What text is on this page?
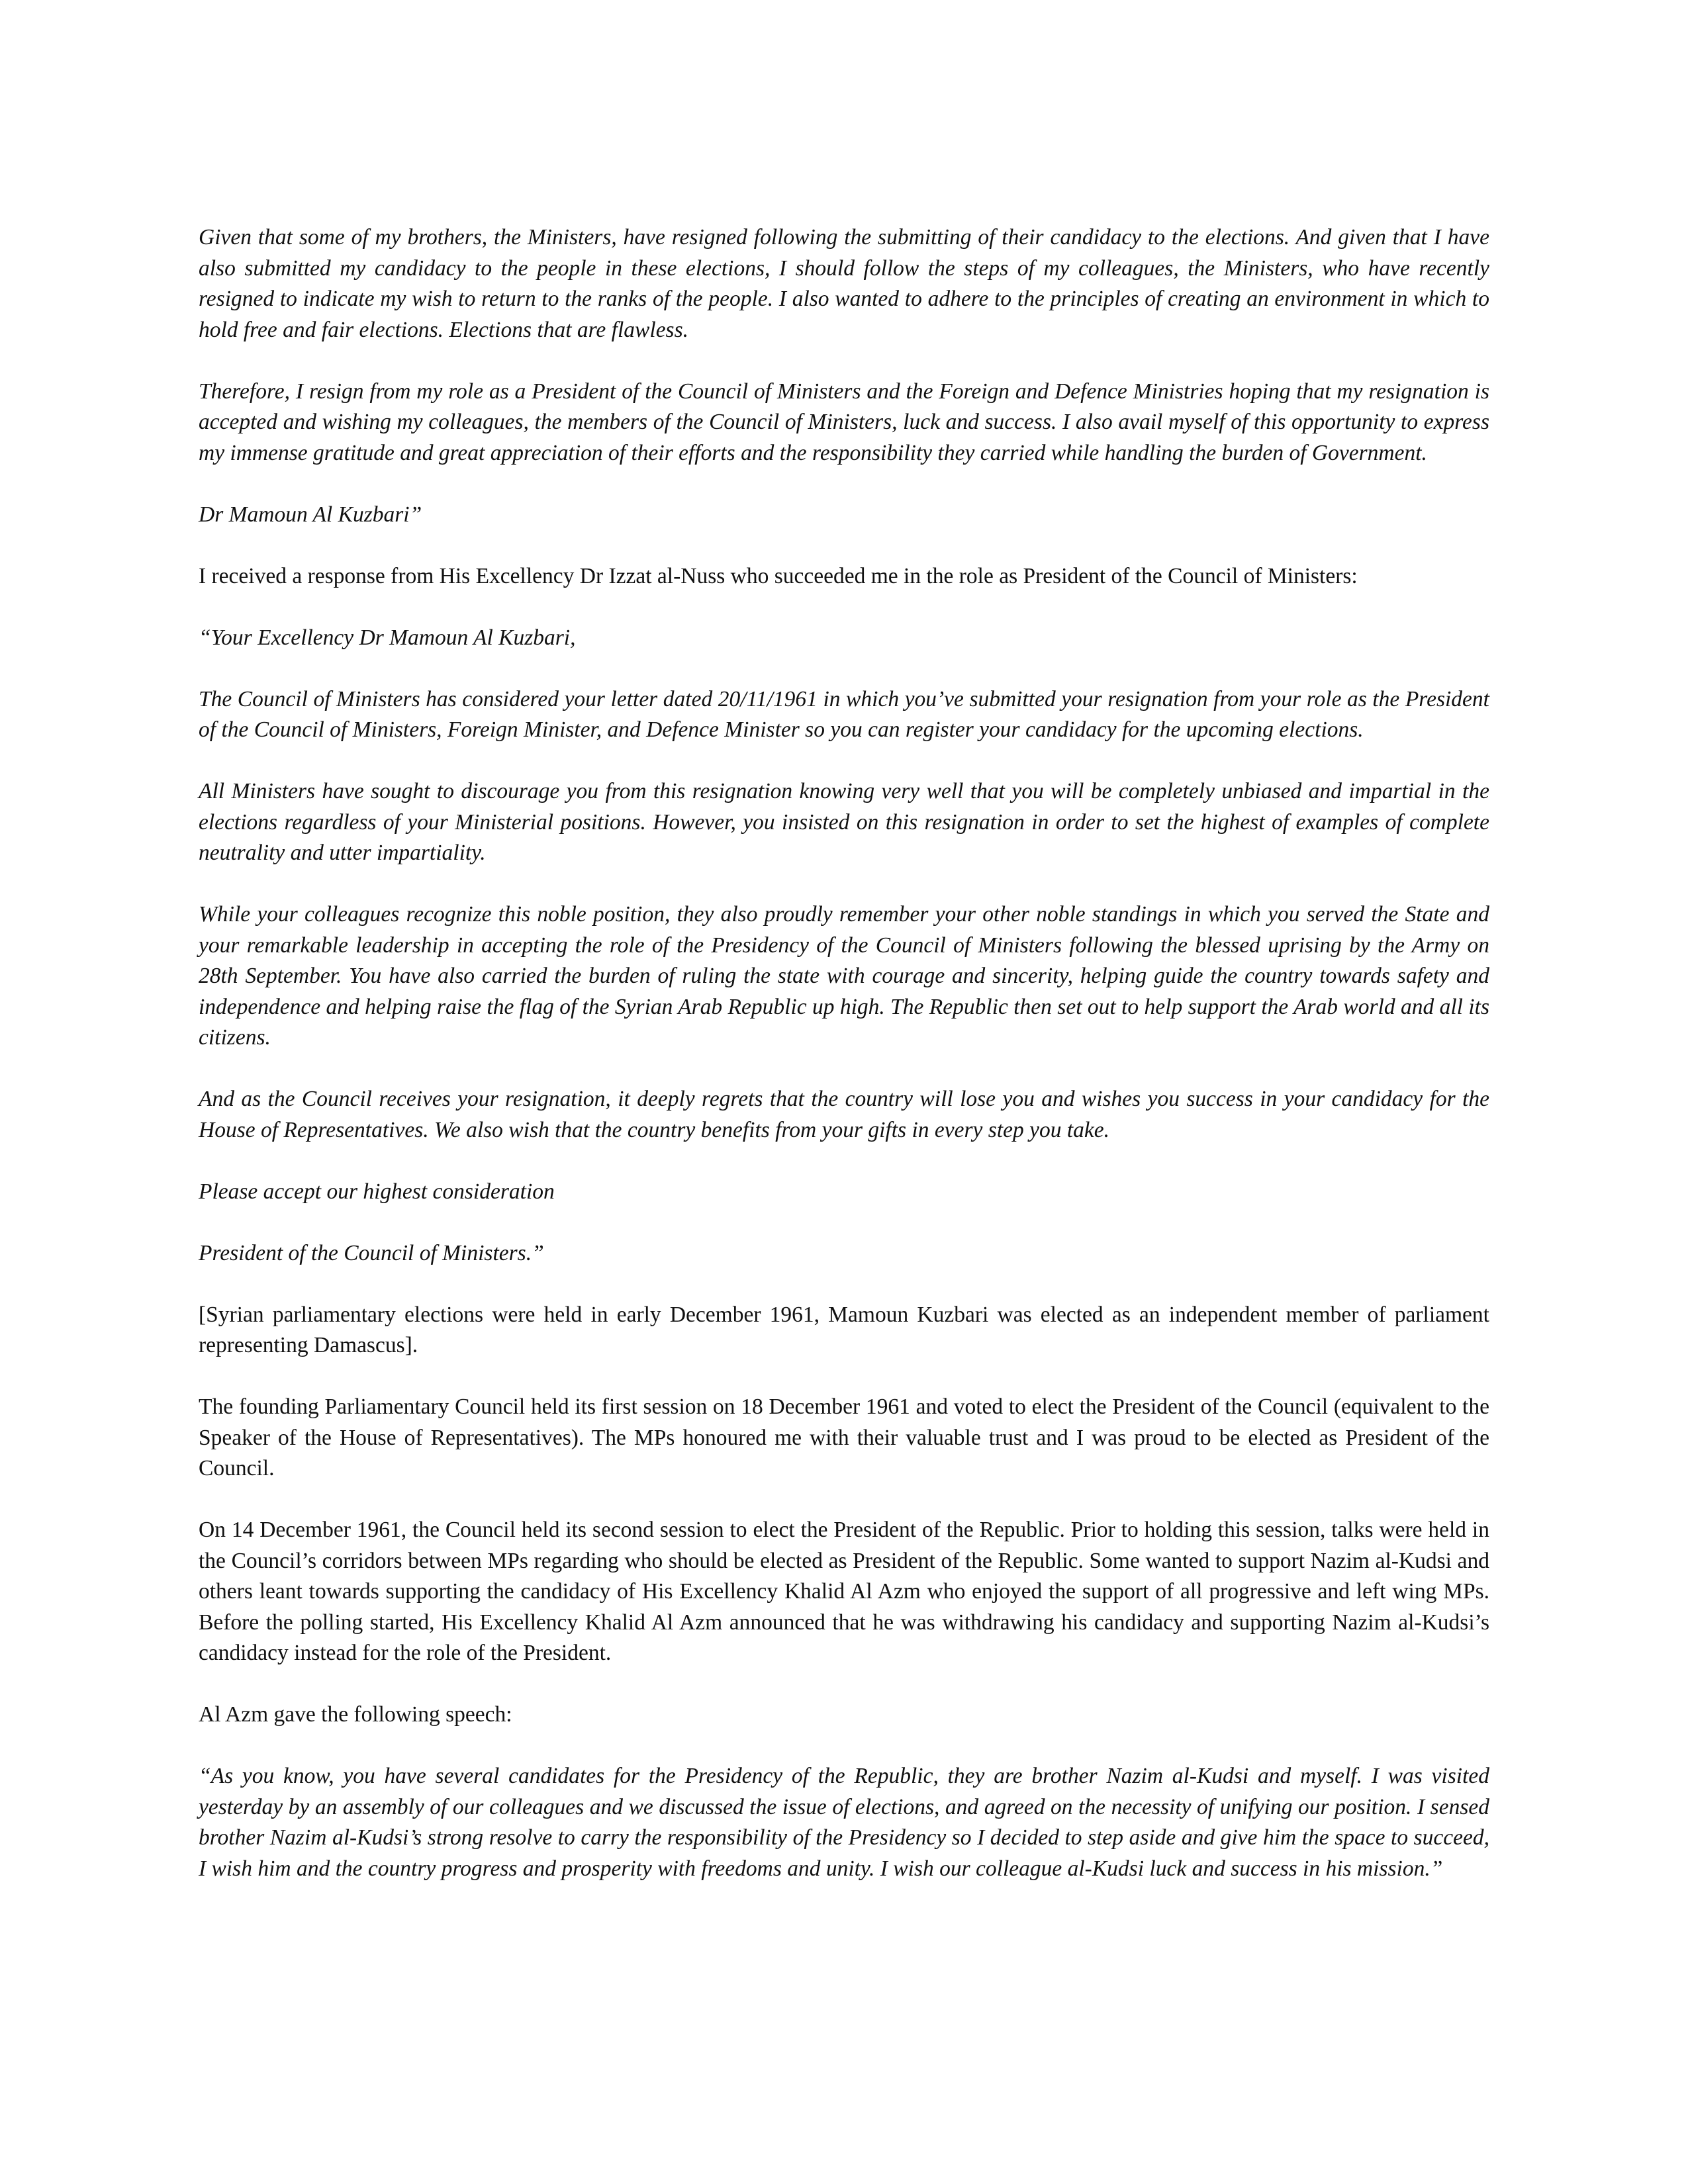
Given that some of my brothers, the Ministers, have resigned following the submitting of their candidacy to the elections. And given that I have also submitted my candidacy to the people in these elections, I should follow the steps of my colleagues, the Ministers, who have recently resigned to indicate my wish to return to the ranks of the people. I also wanted to adhere to the principles of creating an environment in which to hold free and fair elections. Elections that are flawless.

Therefore, I resign from my role as a President of the Council of Ministers and the Foreign and Defence Ministries hoping that my resignation is accepted and wishing my colleagues, the members of the Council of Ministers, luck and success. I also avail myself of this opportunity to express my immense gratitude and great appreciation of their efforts and the responsibility they carried while handling the burden of Government.

Dr Mamoun Al Kuzbari”

I received a response from His Excellency Dr Izzat al-Nuss who succeeded me in the role as President of the Council of Ministers:

“Your Excellency Dr Mamoun Al Kuzbari,

The Council of Ministers has considered your letter dated 20/11/1961 in which you’ve submitted your resignation from your role as the President of the Council of Ministers, Foreign Minister, and Defence Minister so you can register your candidacy for the upcoming elections.

All Ministers have sought to discourage you from this resignation knowing very well that you will be completely unbiased and impartial in the elections regardless of your Ministerial positions. However, you insisted on this resignation in order to set the highest of examples of complete neutrality and utter impartiality.

While your colleagues recognize this noble position, they also proudly remember your other noble standings in which you served the State and your remarkable leadership in accepting the role of the Presidency of the Council of Ministers following the blessed uprising by the Army on 28th September. You have also carried the burden of ruling the state with courage and sincerity, helping guide the country towards safety and independence and helping raise the flag of the Syrian Arab Republic up high. The Republic then set out to help support the Arab world and all its citizens.

And as the Council receives your resignation, it deeply regrets that the country will lose you and wishes you success in your candidacy for the House of Representatives. We also wish that the country benefits from your gifts in every step you take.

Please accept our highest consideration

President of the Council of Ministers.”

[Syrian parliamentary elections were held in early December 1961, Mamoun Kuzbari was elected as an independent member of parliament representing Damascus].

The founding Parliamentary Council held its first session on 18 December 1961 and voted to elect the President of the Council (equivalent to the Speaker of the House of Representatives). The MPs honoured me with their valuable trust and I was proud to be elected as President of the Council.

On 14 December 1961, the Council held its second session to elect the President of the Republic. Prior to holding this session, talks were held in the Council’s corridors between MPs regarding who should be elected as President of the Republic. Some wanted to support Nazim al-Kudsi and others leant towards supporting the candidacy of His Excellency Khalid Al Azm who enjoyed the support of all progressive and left wing MPs. Before the polling started, His Excellency Khalid Al Azm announced that he was withdrawing his candidacy and supporting Nazim al-Kudsi’s candidacy instead for the role of the President.

Al Azm gave the following speech:

“As you know, you have several candidates for the Presidency of the Republic, they are brother Nazim al-Kudsi and myself. I was visited yesterday by an assembly of our colleagues and we discussed the issue of elections, and agreed on the necessity of unifying our position. I sensed brother Nazim al-Kudsi’s strong resolve to carry the responsibility of the Presidency so I decided to step aside and give him the space to succeed, I wish him and the country progress and prosperity with freedoms and unity. I wish our colleague al-Kudsi luck and success in his mission.”
